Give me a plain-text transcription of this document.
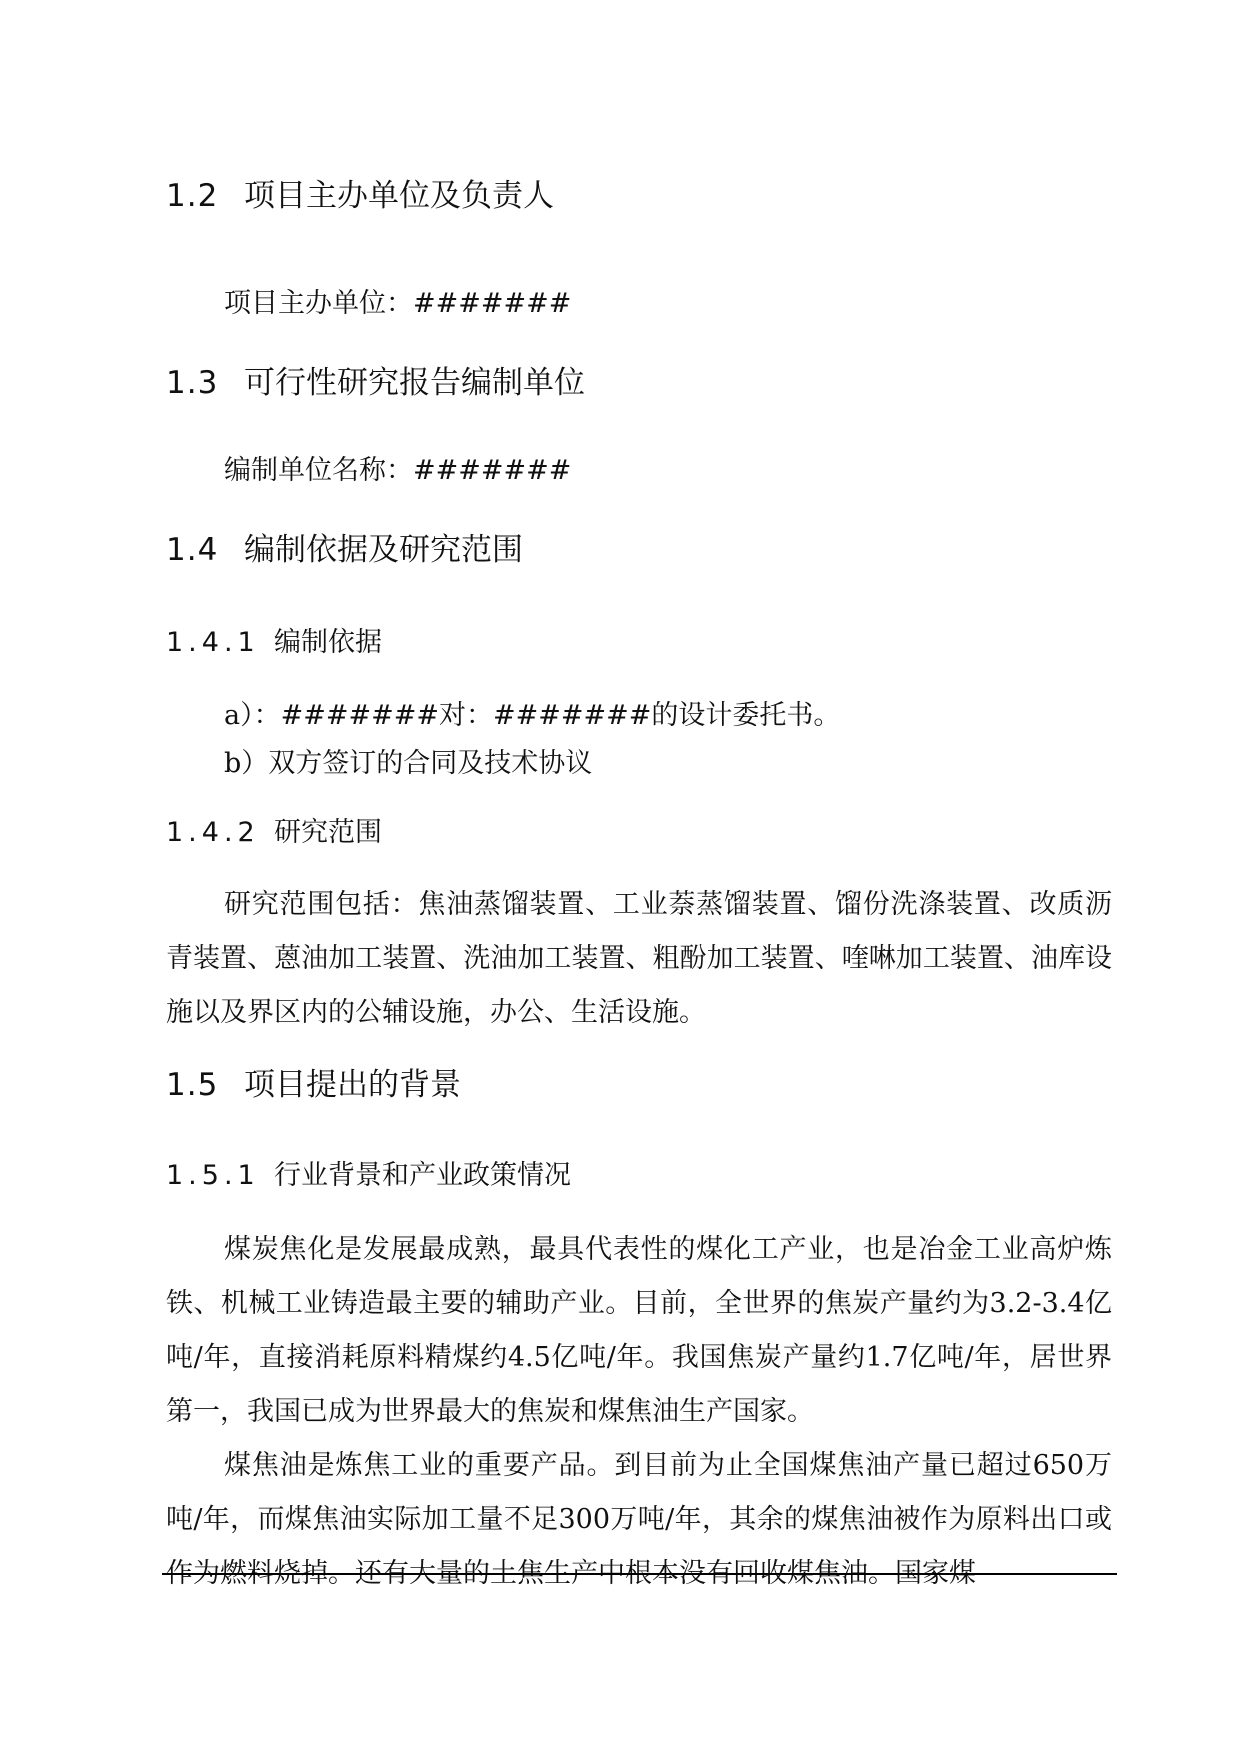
1.2 项目主办单位及负责人
项目主办单位：#######
1.3 可行性研究报告编制单位
编制单位名称：#######
1.4 编制依据及研究范围
1.4.1 编制依据
a）：#######对：#######的设计委托书。
b）双方签订的合同及技术协议
1.4.2 研究范围

研究范围包括：焦油蒸馏装置、工业萘蒸馏装置、馏份洗涤装置、改质沥青装置、蒽油加工装置、洗油加工装置、粗酚加工装置、喹啉加工装置、油库设施以及界区内的公辅设施，办公、生活设施。

1.5 项目提出的背景
1.5.1 行业背景和产业政策情况

煤炭焦化是发展最成熟，最具代表性的煤化工产业，也是冶金工业高炉炼铁、机械工业铸造最主要的辅助产业。目前，全世界的焦炭产量约为3.2-3.4亿吨/年，直接消耗原料精煤约4.5亿吨/年。我国焦炭产量约1.7亿吨/年，居世界第一，我国已成为世界最大的焦炭和煤焦油生产国家。

煤焦油是炼焦工业的重要产品。到目前为止全国煤焦油产量已超过650万吨/年，而煤焦油实际加工量不足300万吨/年，其余的煤焦油被作为原料出口或作为燃料烧掉。还有大量的土焦生产中根本没有回收煤焦油。国家煤
